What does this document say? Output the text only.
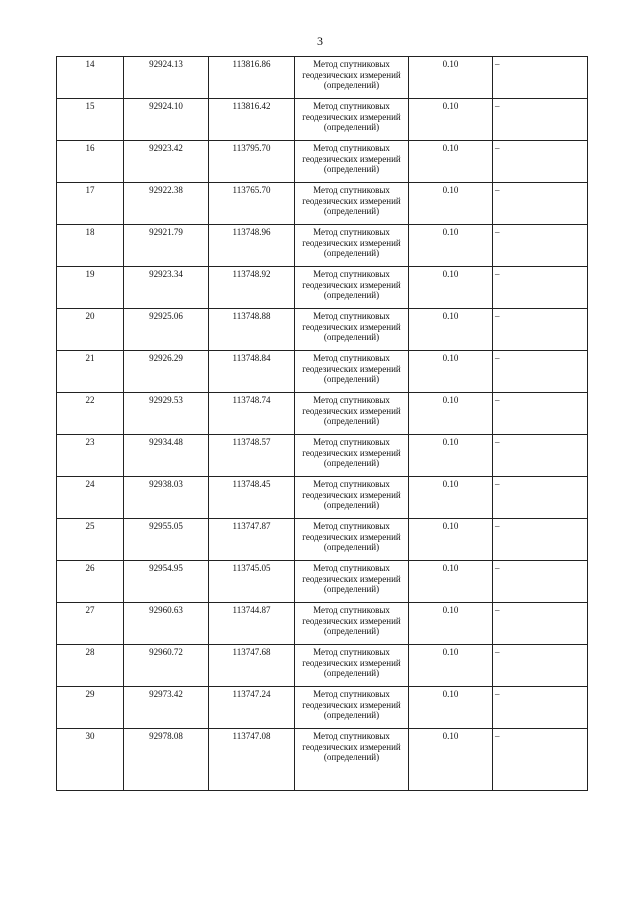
3
14	92924.13	113816.86	Метод спутниковых геодезических измерений (определений)	0.10	–
15	92924.10	113816.42	Метод спутниковых геодезических измерений (определений)	0.10	–
16	92923.42	113795.70	Метод спутниковых геодезических измерений (определений)	0.10	–
17	92922.38	113765.70	Метод спутниковых геодезических измерений (определений)	0.10	–
18	92921.79	113748.96	Метод спутниковых геодезических измерений (определений)	0.10	–
19	92923.34	113748.92	Метод спутниковых геодезических измерений (определений)	0.10	–
20	92925.06	113748.88	Метод спутниковых геодезических измерений (определений)	0.10	–
21	92926.29	113748.84	Метод спутниковых геодезических измерений (определений)	0.10	–
22	92929.53	113748.74	Метод спутниковых геодезических измерений (определений)	0.10	–
23	92934.48	113748.57	Метод спутниковых геодезических измерений (определений)	0.10	–
24	92938.03	113748.45	Метод спутниковых геодезических измерений (определений)	0.10	–
25	92955.05	113747.87	Метод спутниковых геодезических измерений (определений)	0.10	–
26	92954.95	113745.05	Метод спутниковых геодезических измерений (определений)	0.10	–
27	92960.63	113744.87	Метод спутниковых геодезических измерений (определений)	0.10	–
28	92960.72	113747.68	Метод спутниковых геодезических измерений (определений)	0.10	–
29	92973.42	113747.24	Метод спутниковых геодезических измерений (определений)	0.10	–
30	92978.08	113747.08	Метод спутниковых геодезических измерений (определений)	0.10	–
